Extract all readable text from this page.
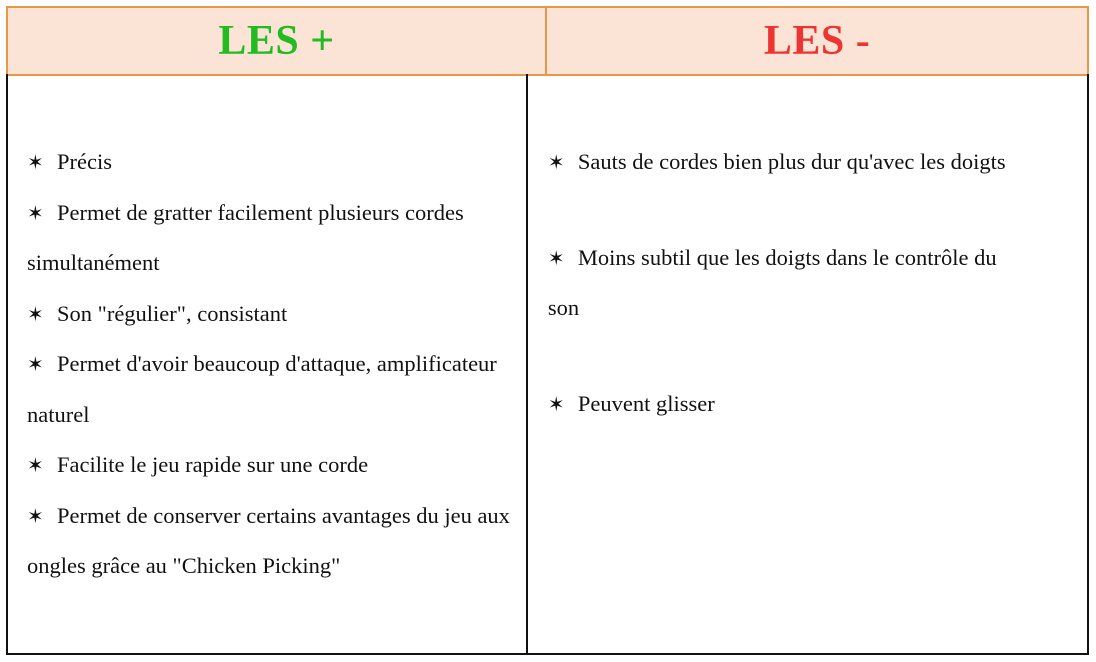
LES +	LES -

✶ Précis

✶ Permet de gratter facilement plusieurs cordes simultanément

✶ Son "régulier", consistant

✶ Permet d'avoir beaucoup d'attaque, amplificateur naturel

✶ Facilite le jeu rapide sur une corde

✶ Permet de conserver certains avantages du jeu aux ongles grâce au "Chicken Picking"

✶ Sauts de cordes bien plus dur qu'avec les doigts

✶ Moins subtil que les doigts dans le contrôle du son

✶ Peuvent glisser
